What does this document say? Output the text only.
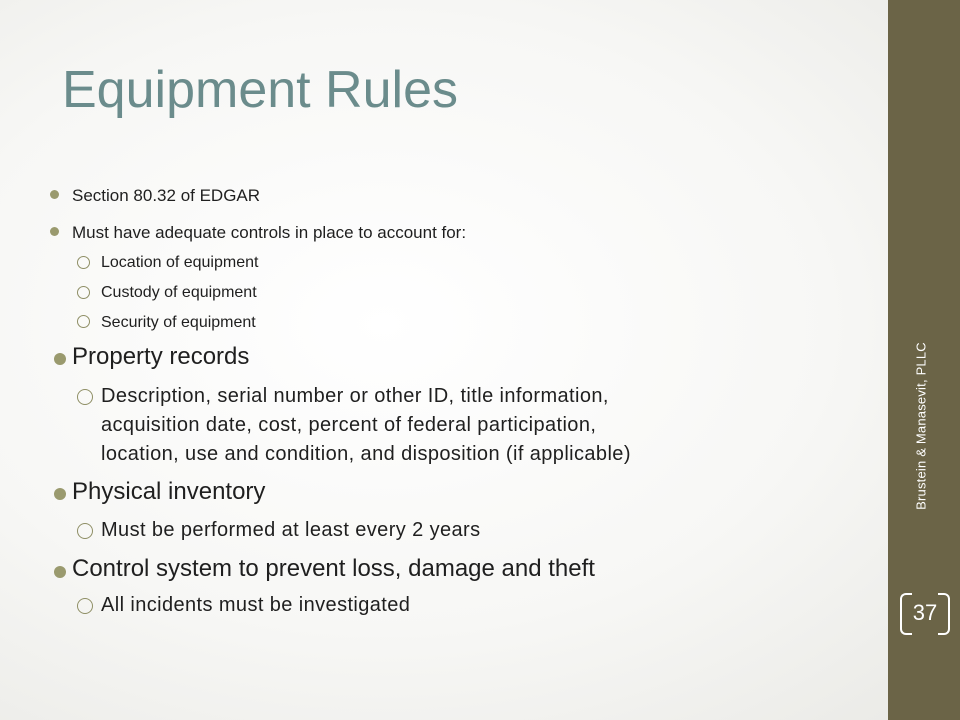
Equipment Rules
Section 80.32 of EDGAR
Must have adequate controls in place to account for:
Location of equipment
Custody of equipment
Security of equipment
Property records
Description, serial number or other ID, title information,
acquisition date, cost, percent of federal participation,
location, use and condition, and disposition (if applicable)
Physical inventory
Must be performed at least every 2 years
Control system to prevent loss, damage and theft
All incidents must be investigated
Brustein & Manasevit, PLLC
37
